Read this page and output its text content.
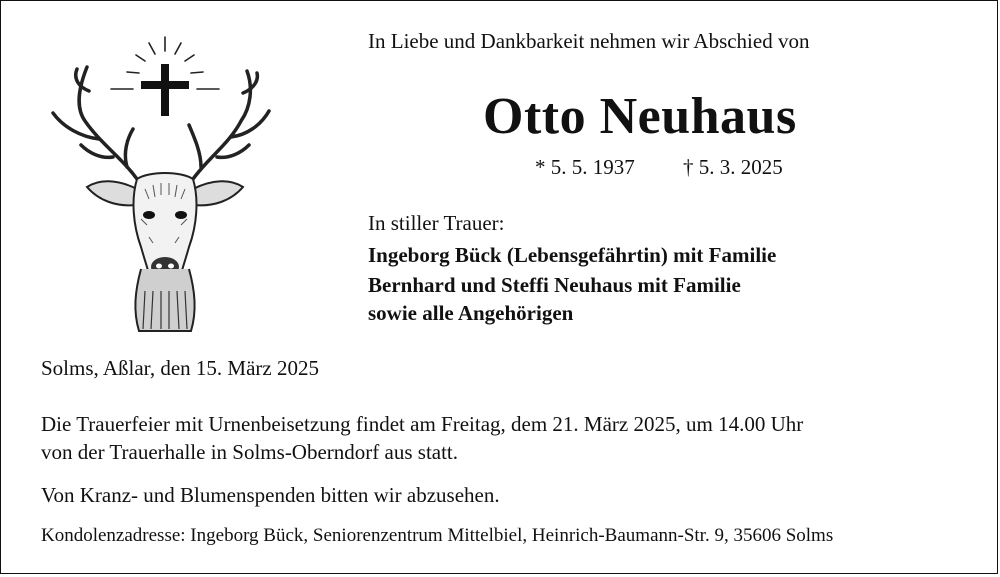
In Liebe und Dankbarkeit nehmen wir Abschied von
Otto Neuhaus
* 5. 5. 1937 † 5. 3. 2025
In stiller Trauer:
Ingeborg Bück (Lebensgefährtin) mit Familie
Bernhard und Steffi Neuhaus mit Familie
sowie alle Angehörigen
Solms, Aßlar, den 15. März 2025
Die Trauerfeier mit Urnenbeisetzung findet am Freitag, dem 21. März 2025, um 14.00 Uhr
von der Trauerhalle in Solms-Oberndorf aus statt.
Von Kranz- und Blumenspenden bitten wir abzusehen.
Kondolenzadresse: Ingeborg Bück, Seniorenzentrum Mittelbiel, Heinrich-Baumann-Str. 9, 35606 Solms
